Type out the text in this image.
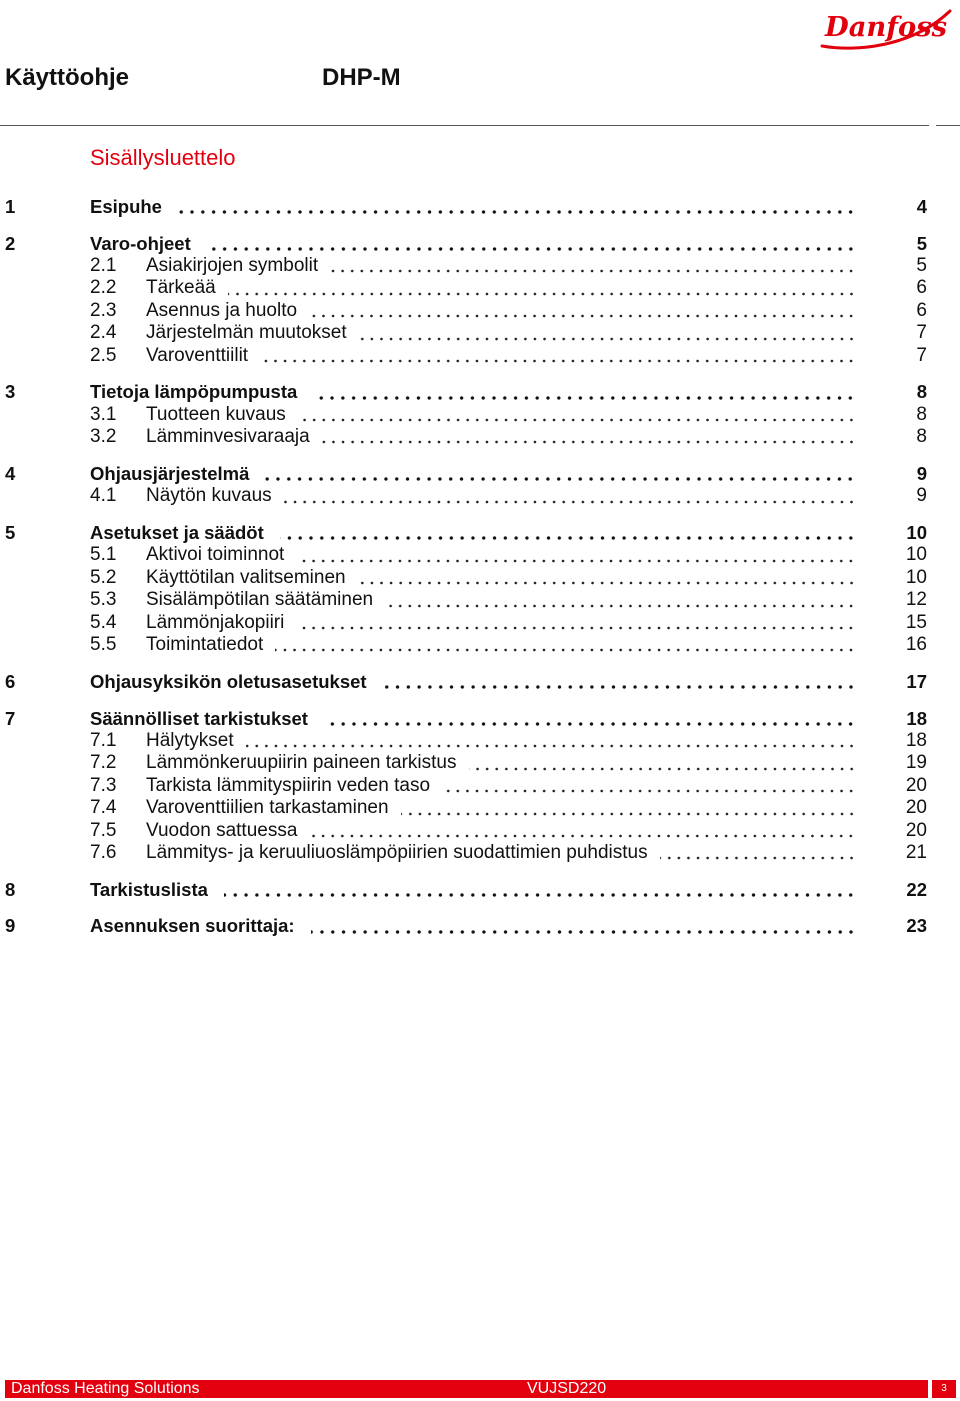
Danfoss
Käyttöohje	DHP-M
Sisällysluettelo
1	Esipuhe	4
2	Varo-ohjeet	5
2.1 Asiakirjojen symbolit	5
2.2 Tärkeää	6
2.3 Asennus ja huolto	6
2.4 Järjestelmän muutokset	7
2.5 Varoventtiilit	7
3	Tietoja lämpöpumpusta	8
3.1 Tuotteen kuvaus	8
3.2 Lämminvesivaraaja	8
4	Ohjausjärjestelmä	9
4.1 Näytön kuvaus	9
5	Asetukset ja säädöt	10
5.1 Aktivoi toiminnot	10
5.2 Käyttötilan valitseminen	10
5.3 Sisälämpötilan säätäminen	12
5.4 Lämmönjakopiiri	15
5.5 Toimintatiedot	16
6	Ohjausyksikön oletusasetukset	17
7	Säännölliset tarkistukset	18
7.1 Hälytykset	18
7.2 Lämmönkeruupiirin paineen tarkistus	19
7.3 Tarkista lämmityspiirin veden taso	20
7.4 Varoventtiilien tarkastaminen	20
7.5 Vuodon sattuessa	20
7.6 Lämmitys- ja keruuliuoslämpöpiirien suodattimien puhdistus	21
8	Tarkistuslista	22
9	Asennuksen suorittaja:	23
Danfoss Heating Solutions	VUJSD220	3
